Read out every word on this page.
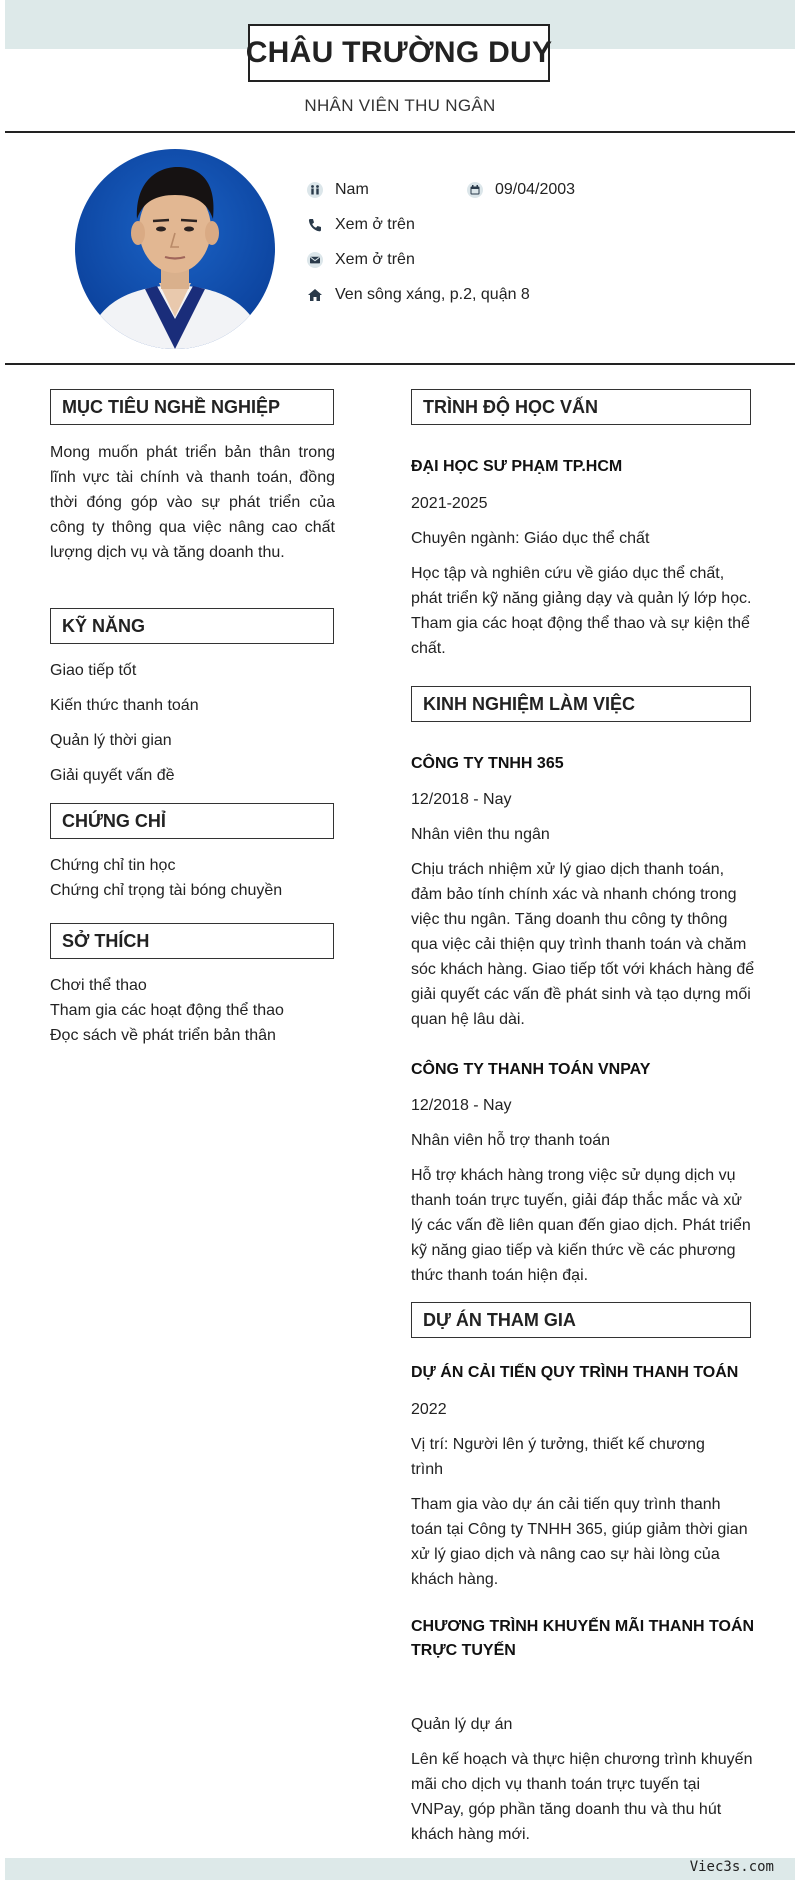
CHÂU TRƯỜNG DUY
NHÂN VIÊN THU NGÂN
Nam	09/04/2003
Xem ở trên
Xem ở trên
Ven sông xáng, p.2, quận 8
MỤC TIÊU NGHỀ NGHIỆP
Mong muốn phát triển bản thân trong lĩnh vực tài chính và thanh toán, đồng thời đóng góp vào sự phát triển của công ty thông qua việc nâng cao chất lượng dịch vụ và tăng doanh thu.
KỸ NĂNG
Giao tiếp tốt
Kiến thức thanh toán
Quản lý thời gian
Giải quyết vấn đề
CHỨNG CHỈ
Chứng chỉ tin học
Chứng chỉ trọng tài bóng chuyền
SỞ THÍCH
Chơi thể thao
Tham gia các hoạt động thể thao
Đọc sách về phát triển bản thân
TRÌNH ĐỘ HỌC VẤN
ĐẠI HỌC SƯ PHẠM TP.HCM
2021-2025
Chuyên ngành: Giáo dục thể chất
Học tập và nghiên cứu về giáo dục thể chất, phát triển kỹ năng giảng dạy và quản lý lớp học. Tham gia các hoạt động thể thao và sự kiện thể chất.
KINH NGHIỆM LÀM VIỆC
CÔNG TY TNHH 365
12/2018 - Nay
Nhân viên thu ngân
Chịu trách nhiệm xử lý giao dịch thanh toán, đảm bảo tính chính xác và nhanh chóng trong việc thu ngân. Tăng doanh thu công ty thông qua việc cải thiện quy trình thanh toán và chăm sóc khách hàng. Giao tiếp tốt với khách hàng để giải quyết các vấn đề phát sinh và tạo dựng mối quan hệ lâu dài.
CÔNG TY THANH TOÁN VNPAY
12/2018 - Nay
Nhân viên hỗ trợ thanh toán
Hỗ trợ khách hàng trong việc sử dụng dịch vụ thanh toán trực tuyến, giải đáp thắc mắc và xử lý các vấn đề liên quan đến giao dịch. Phát triển kỹ năng giao tiếp và kiến thức về các phương thức thanh toán hiện đại.
DỰ ÁN THAM GIA
DỰ ÁN CẢI TIẾN QUY TRÌNH THANH TOÁN
2022
Vị trí: Người lên ý tưởng, thiết kế chương trình
Tham gia vào dự án cải tiến quy trình thanh toán tại Công ty TNHH 365, giúp giảm thời gian xử lý giao dịch và nâng cao sự hài lòng của khách hàng.
CHƯƠNG TRÌNH KHUYẾN MÃI THANH TOÁN TRỰC TUYẾN
Quản lý dự án
Lên kế hoạch và thực hiện chương trình khuyến mãi cho dịch vụ thanh toán trực tuyến tại VNPay, góp phần tăng doanh thu và thu hút khách hàng mới.
Viec3s.com
